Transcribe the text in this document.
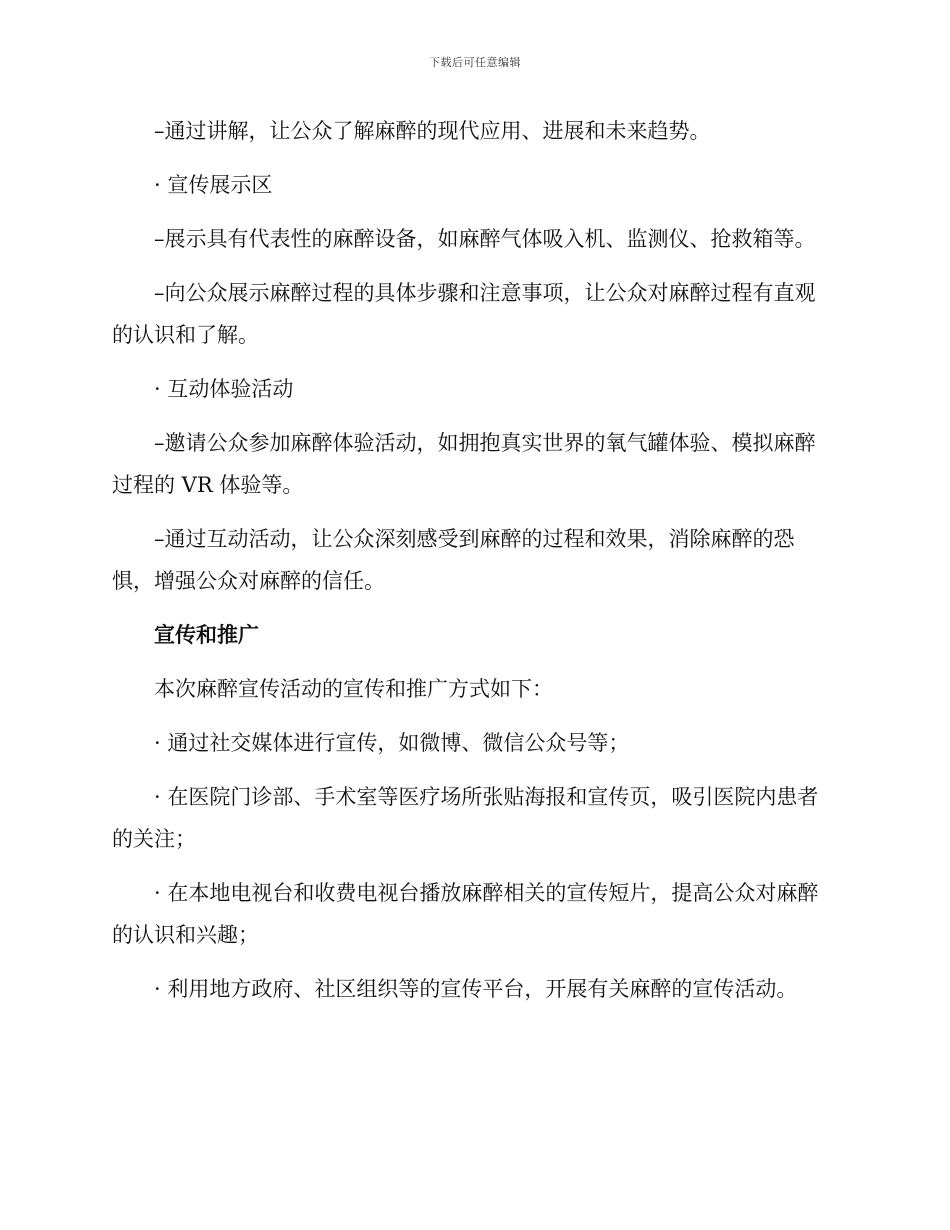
下载后可任意编辑

–通过讲解，让公众了解麻醉的现代应用、进展和未来趋势。

· 宣传展示区

–展示具有代表性的麻醉设备，如麻醉气体吸入机、监测仪、抢救箱等。

–向公众展示麻醉过程的具体步骤和注意事项，让公众对麻醉过程有直观的认识和了解。

· 互动体验活动

–邀请公众参加麻醉体验活动，如拥抱真实世界的氧气罐体验、模拟麻醉过程的 VR 体验等。

–通过互动活动，让公众深刻感受到麻醉的过程和效果，消除麻醉的恐惧，增强公众对麻醉的信任。

宣传和推广

本次麻醉宣传活动的宣传和推广方式如下：

· 通过社交媒体进行宣传，如微博、微信公众号等；

· 在医院门诊部、手术室等医疗场所张贴海报和宣传页，吸引医院内患者的关注；

· 在本地电视台和收费电视台播放麻醉相关的宣传短片，提高公众对麻醉的认识和兴趣；

· 利用地方政府、社区组织等的宣传平台，开展有关麻醉的宣传活动。
